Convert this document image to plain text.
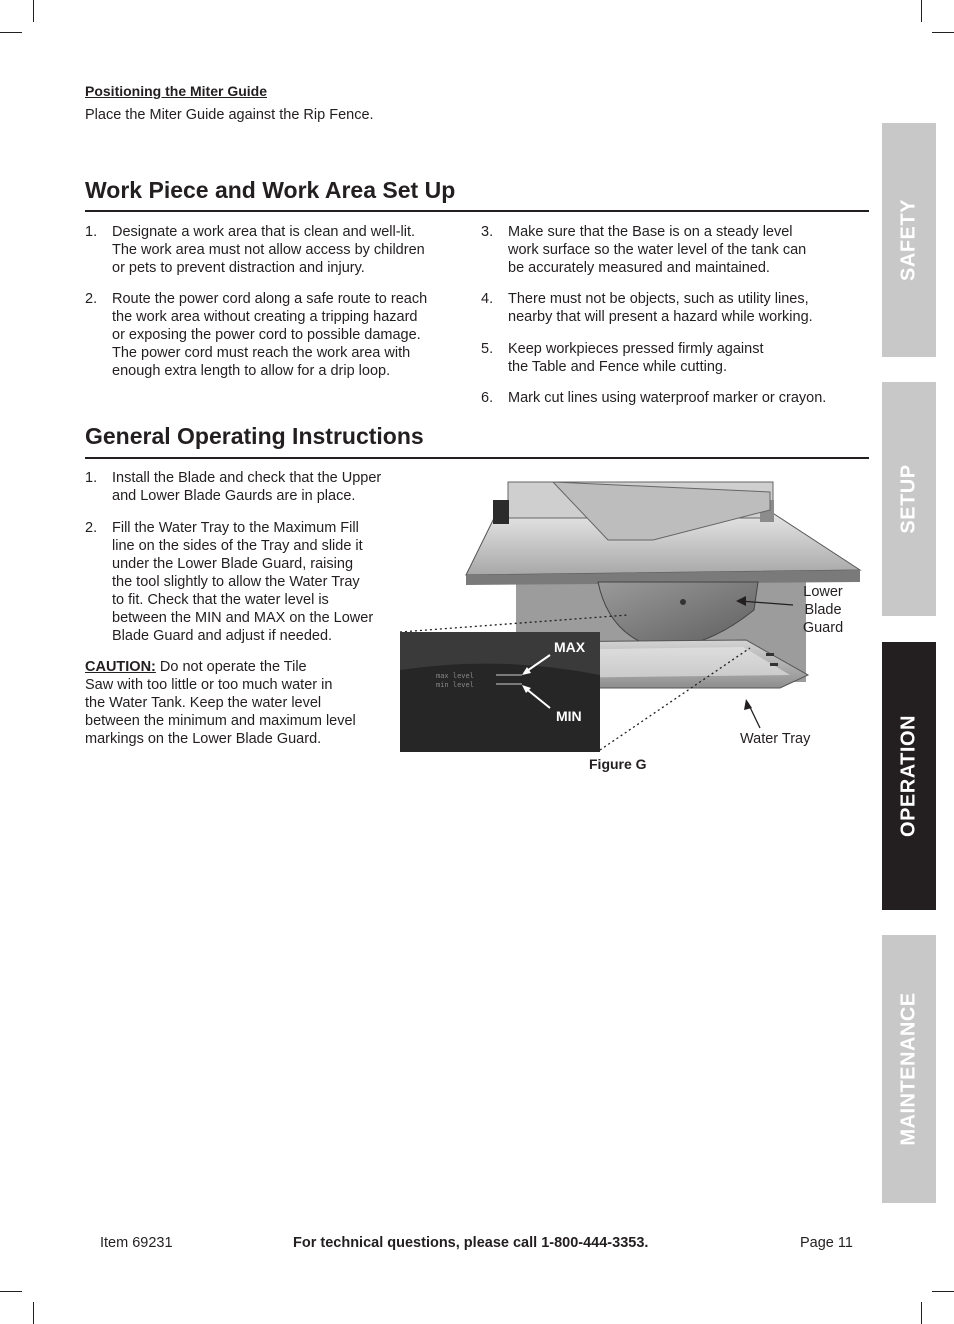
Positioning the Miter Guide
Place the Miter Guide against the Rip Fence.
Work Piece and Work Area Set Up
1. Designate a work area that is clean and well-lit.
The work area must not allow access by children
or pets to prevent distraction and injury.
2. Route the power cord along a safe route to reach
the work area without creating a tripping hazard
or exposing the power cord to possible damage.
The power cord must reach the work area with
enough extra length to allow for a drip loop.
3. Make sure that the Base is on a steady level
work surface so the water level of the tank can
be accurately measured and maintained.
4. There must not be objects, such as utility lines,
nearby that will present a hazard while working.
5. Keep workpieces pressed firmly against
the Table and Fence while cutting.
6. Mark cut lines using waterproof marker or crayon.
General Operating Instructions
1. Install the Blade and check that the Upper
and Lower Blade Gaurds are in place.
2. Fill the Water Tray to the Maximum Fill
line on the sides of the Tray and slide it
under the Lower Blade Guard, raising
the tool slightly to allow the Water Tray
to fit. Check that the water level is
between the MIN and MAX on the Lower
Blade Guard and adjust if needed.
CAUTION: Do not operate the Tile
Saw with too little or too much water in
the Water Tank. Keep the water level
between the minimum and maximum level
markings on the Lower Blade Guard.
max level
min level
MAX
MIN
Lower
Blade
Guard
Water Tray
Figure G
SAFETY
SETUP
OPERATION
MAINTENANCE
Item 69231	For technical questions, please call 1-800-444-3353.	Page 11
